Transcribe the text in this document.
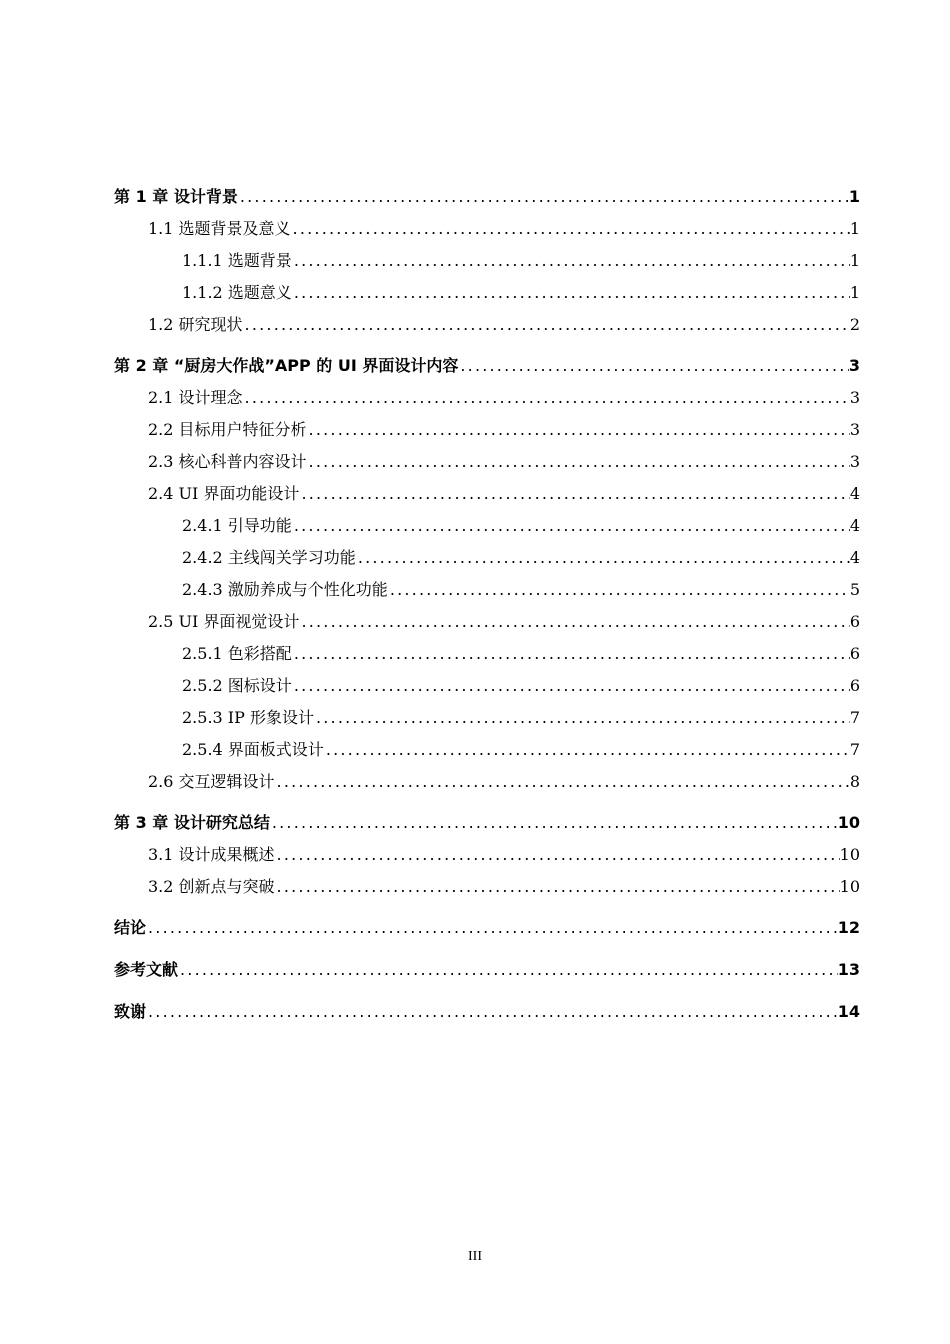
第 1 章 设计背景 .....	1
1.1 选题背景及意义 .....	1
1.1.1 选题背景 .....	1
1.1.2 选题意义 .....	1
1.2 研究现状 .....	2
第 2 章 “厨房大作战”APP 的 UI 界面设计内容 .....	3
2.1 设计理念 .....	3
2.2 目标用户特征分析 .....	3
2.3 核心科普内容设计 .....	3
2.4 UI 界面功能设计 .....	4
2.4.1 引导功能 .....	4
2.4.2 主线闯关学习功能 .....	4
2.4.3 激励养成与个性化功能 .....	5
2.5 UI 界面视觉设计 .....	6
2.5.1 色彩搭配 .....	6
2.5.2 图标设计 .....	6
2.5.3 IP 形象设计 .....	7
2.5.4 界面板式设计 .....	7
2.6 交互逻辑设计 .....	8
第 3 章 设计研究总结 .....	10
3.1 设计成果概述 .....	10
3.2 创新点与突破 .....	10
结论 .....	12
参考文献 .....	13
致谢 .....	14
III
